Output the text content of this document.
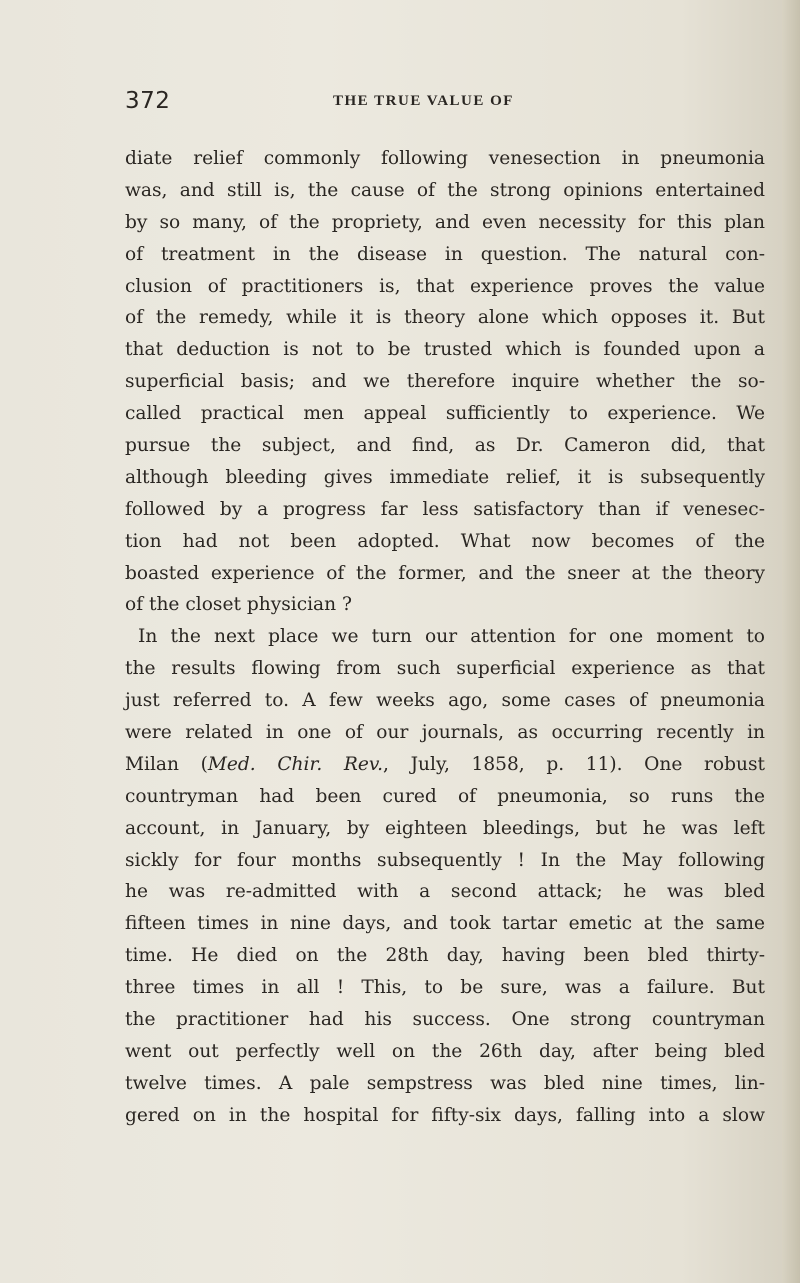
372	THE TRUE VALUE OF
diate relief commonly following venesection in pneumonia
was, and still is, the cause of the strong opinions entertained
by so many, of the propriety, and even necessity for this plan
of treatment in the disease in question. The natural con-
clusion of practitioners is, that experience proves the value
of the remedy, while it is theory alone which opposes it. But
that deduction is not to be trusted which is founded upon a
superficial basis; and we therefore inquire whether the so-
called practical men appeal sufficiently to experience. We
pursue the subject, and find, as Dr. Cameron did, that
although bleeding gives immediate relief, it is subsequently
followed by a progress far less satisfactory than if venesec-
tion had not been adopted. What now becomes of the
boasted experience of the former, and the sneer at the theory
of the closet physician ?
In the next place we turn our attention for one moment to
the results flowing from such superficial experience as that
just referred to. A few weeks ago, some cases of pneumonia
were related in one of our journals, as occurring recently in
Milan (Med. Chir. Rev., July, 1858, p. 11). One robust
countryman had been cured of pneumonia, so runs the
account, in January, by eighteen bleedings, but he was left
sickly for four months subsequently ! In the May following
he was re-admitted with a second attack; he was bled
fifteen times in nine days, and took tartar emetic at the same
time. He died on the 28th day, having been bled thirty-
three times in all ! This, to be sure, was a failure. But
the practitioner had his success. One strong countryman
went out perfectly well on the 26th day, after being bled
twelve times. A pale sempstress was bled nine times, lin-
gered on in the hospital for fifty-six days, falling into a slow
